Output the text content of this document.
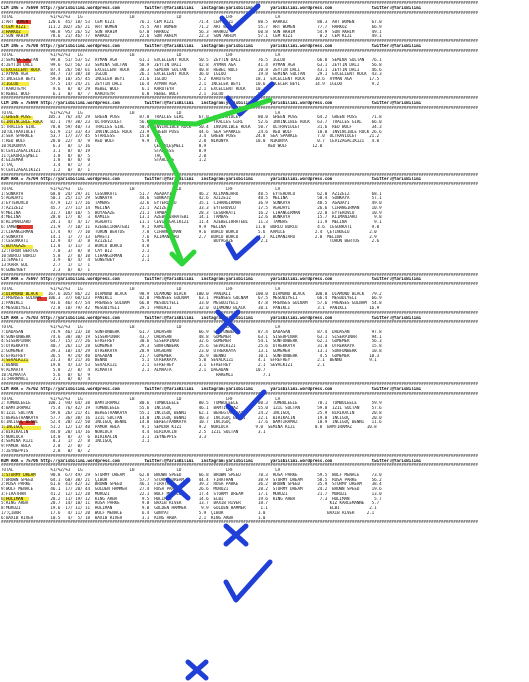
#################################################################################################################################################################################################
CIM ING = 75699 http://yarisbilimi.wordpress.com          twitter:@YarisBilimi   instagram:yarisbilimi       yarisbilimi.wordpress.com                twitter:@YarisBilimi
#################################################################################################################################################################################################
TOTAL               %1/%2/%3   LG                   LB                 LD                  LRF                 LA
1:ART WOMEN        120.6  45/ 18/ 53  CEM KIZI          76.1  CEM KIZI          71.4  CEM KIZI          80.5  HARKOZ            88.3  ART WOMEN       67.0
4:CEM KIZI         111.2 102/ 26/ 21  ART WOMEN         75.5  ART WOMEN         71.2  ART WOMEN         55.7  ART WOMEN         77.7  HARKOZ          66.9
3:HARKOZ            98.8  95/ 26/ 52  SON AKHIM         67.0  HARKOZ            56.3  HARKOZ            60.8  SON AKHIM         54.9  SON AKHIM       49.1
2:SON AKHIM         78.6  21/ 46/ 77  HARKOZ            22.6  SON AKHIM         22.3  SON AKHIM         57.1  CEM KIZI           0.2  CEM KIZI        49.1
#################################################################################################################################################################################################
CIM ING = 75700 http://yarisbilimi.wordpress.com          twitter:@YarisBilimi   instagram:yarisbilimi       yarisbilimi.wordpress.com                twitter:@YarisBilimi
#################################################################################################################################################################################################
TOTAL               %1/%2/%3   LG                   LB                 LD                  LRF                 LA
2:SEMINA SULTAN     99.8  51/ 53/ 52  AYMAN AGA         61.1  EXCELLENT ROCK    50.5  ZEYTIN DALI       76.5  IGLOO             66.8  SEMINA SULTAN   76.1
4:ZEYTIN DALI       99.6  62/ 56/ 33  SEMINA SULTAN     58.9  ZEYTIN DALI       42.8  AYMAN AGA         41.4  AYMAN AGA         63.1  ZEYTIN DALI     56.8
6:EXCELLENT ROCK    87.4  26/ 50/ 61  EXCELLENT ROCK    38.3  SEMINA SULTAN     40.8  REBEL WOLF        20.8  ZEYTIN DALI       43.1  ZEYTIN DALI     46.6
1:AYMAN AGA         84.7  73/ 38/ 18  IGLOO             26.1  EXCELLENT ROCK    36.0  IGLOO             19.8  SEMINA SULTAN     29.1  EXCELLENT ROCK  43.3
5:INCELER BEYI      59.0  10/ 35/ 45  INCELER BEYI      21.6  IGLOO             5.2  KAROTEYR          18.1  EXCELLENT ROCK    10.6  AYMAN AGA       17.5
3:IGLOO             57.5  14/ 24/ 21  ZEYTIN DALI       16.4  AYMAN AGA         2.1  INCELER BEYI      10.6  INCELER BEYI      14.9  IGLOO            9.2
7:KAROTEYR           9.6   0/  0/ 29  REBEL WOLF         6.1  KAROTEYR          2.1  EXCELLENT ROCK    10.2
8:REBEL WOLF         6.1   0/  0/  7  KAROTEYR           6.0  REBEL WOLF        2.1  IGLOO              8.1
#################################################################################################################################################################################################
CIM ING = 75699 http://yarisbilimi.wordpress.com          twitter:@YarisBilimi   instagram:yarisbilimi       yarisbilimi.wordpress.com                twitter:@YarisBilimi
#################################################################################################################################################################################################
TOTAL               %1/%2/%3   LG                   LB                 LD                  LRF                 LA
2:GREEN PUSS       105.3  76/ 34/ 29  GREEN PUSS        87.0  TRALLES GIRL      67.0  ULTRAVIOLET       80.0  GREEN PUSS        64.2  GREEN PUSS      71.8
6:INVINCIBLE ROCK   82.1  79/ 30/ 23  ULTRAVIOLET       56.6  SEA SPARKLE       65.9  TRALLES GIRL      52.6  INVINCIBLE ROCK   63.7  TRALLES GIRL    66.0
5:TRALLES GIRL      78.8  59/ 40/ 73  TRALLES GIRL      50.4  INVINCIBLE ROCK   50.4  INVINCIBLE ROCK   50.7  ULTRAVIOLET       31.6  RED WOLF        34.3
10:ULTRAVIOLET      61.9  21/ 33/ 43  INVINCIBLE ROCK   23.9  GREEN PUSS        44.6  SEA SPARKLE       24.6  RED WOLF          10.0  INVINCIBLE ROCK 26.6
3:SEA SPARKLE       53.7  17/ 37/ 45  STARLESS          15.0  TAÇ               3.4  GREEN PUSS        24.8  SEA SPARKLE        7.0  ULTRAVIOLET     21.2
7:RED WOLF          28.0  22/  4/  9  RED WOLF           9.9  TAÇ               2.8  NIKONYA           18.0  NIKONYA            0.7  CEVIZAGACIKIZI   4.0
10:NIKONYA           6.3   0/  1/ 16                          ÇEKURÇEŞMELI      0.9                         RED WOLF          12.0
8:CEVIZAGACIKIZI     3.1   0/  0/ 19                          STARLESS          0.9
11:ÇEKURÇEŞMELI      1.8   0/  0/  5                          TAÇ               2.0
4:GIZEMAR            1.8   0/  0/  0                          STARLESS          1.2
1:TAÇ                1.4   0/  1/  3
9:CEVIZAGACIKIZI     1.2   0/  0/  1
#################################################################################################################################################################################################
KUM ARA = 75704 http://yarisbilimi.wordpress.com          twitter:@YarisBilimi   instagram:yarisbilimi       yarisbilimi.wordpress.com                twitter:@YarisBilimi
#################################################################################################################################################################################################
TOTAL               %1/%2/%3   LG                   LB                 LD                  LRF                 LA
1:SONKAYA           68.0  24/ 29/ 31  CESURKATI         51.7  AGADAYI           46.2  KLIMANJARO        48.5  EYTEROVLU         62.0  AZIZEIZ         68.1
5:AGADAYI           50.1  25/ 11/ 29  SONKAYA           44.6  SONKAYA           42.6  AZIZEIZ           40.5  MELINA            50.4  SONKAYA         57.1
3:EYTEROVLU         47.9  12/ 17/ 16  TAMBAS            32.6  EYTEROVLU         35.1  CIHANGIRMAN       36.9  SONKAYA           48.5  AGADAYI         49.0
7:AZIZEIZ           45.7  27/ 11/ 14  MELINA            21.1  AZIZEIZ           33.3  EYTEROVLU         17.5  AGADAYI           26.6  CIHANGIRMAN     10.9
9:MELINA            31.7  18/ 10/  5  BOYAGAZE          21.1  TAMBAS            28.3  CESURKATI         16.2  CIHANGIRMAN       22.0  EYTEROVLU       10.9
4:MELINA            28.0  17/  8/  3  KAMILE            13.1  AZEBELIRHATEBI    14.1  TAMBAS            12.6  BONKAYA           15.7  KLIMANJARO       9.8
8:KLIMANJARO        24.1   4/  4/ 17  AGADAYI           11.1  CEVIZAGACIKIZI    11.4  AZEBELIRHATEBI    11.3  TAMBAS            11.9  MELINA           9.1
6:TAMBAS            21.9   7/ 10/ 11  AZEBELIRHATEBI     9.1  KAMILE            9.9  MELINA            11.0  BURCU BURCU        4.6  CESURKATI        9.0
2:CIHANGIRMAN       17.4   9/  7/ 10  TORUN BERTUS       7.8  CIHANGIRMAN       9.6  BURCU BURCU        5.6  KAMILE            2.4  ÇETINOGLU        2.0
3:SONKAYA           14.1   1/  7/ 13  EMAETI             7.6  KLIMANJARO        2.7  BURCU BURCU        4.2  KLIMANJARO        2.0  MELINA           2.9
7:CESURKATI         12.9   4/  3/  8  AZIZEIZ            5.9                          BOYAGAZE           2.1                         TORUN BERTUS     2.6
5:BOYAGAZE          11.8   1/ 11/  3  BURCU BURCU        4.8
12:TORUN BERTUS      7.0   3/  8/  8  CAY BIZ            2.1
10:BURCU BURCU       5.8   2/  0/ 10  CIHANGIRMAN        2.1
11:EMAETI            3.9   0/  4/  4  GÜNEYBEY           2.1
13:KARA GUL          2.7   1/  1/  1
9:GÜNEYBEY           2.3   0/  0/  1
#################################################################################################################################################################################################
CIM ARA = 75697 http://yarisbilimi.wordpress.com          twitter:@YarisBilimi   instagram:yarisbilimi       yarisbilimi.wordpress.com                twitter:@YarisBilimi
#################################################################################################################################################################################################
TOTAL               %1/%2/%3   LG                   LB                 LD                  LRF                 LA
3:DIAMOND BLACK    167.6 105/ 86/ 22  DIAMOND BLACK     98.9  DIAMOND BLACK    100.0  PANIKLI          100.0  DIAMOND BLACK    100.0  DIAMOND BLACK   79.2
2:PRENSES GÜLNAM   106.3  37/ 60/123  PANIKLI           82.0  PRENSES GÜLNAM    63.1  PRENSES GÜLNAM    67.5  MESUDIYELI        66.4  MESUDIYELI      66.9
1:PANIKLI           93.6  46/ 47/ 54  PRENSES GÜLNAM    66.8  MESUDIYELI        33.0  MESUDIYELI        47.8  PRENSES GÜLNAM    57.6  PRENSES GÜLNAM  54.8
4:MESUDIYELI        72.8  10/ 79/ 42  MESUDIYELI        29.1  PANIKLI           32.0  DIAMOND BLACK     30.1  PANIKLI           3.1  PANIKLI         16.9
#################################################################################################################################################################################################
CIM ARA = 75703 http://yarisbilimi.wordpress.com          twitter:@YarisBilimi   instagram:yarisbilimi       yarisbilimi.wordpress.com                twitter:@YarisBilimi
#################################################################################################################################################################################################
TOTAL               %1/%2/%3   LG                   LB                 LD                  LRF                 LA
7:DADASAN           74.9  46/ 23/ 18  SUNFUNBERK        61.7  DADASAN           66.9  SUNFUNBERK        87.4  DADASAN           87.4  DADASAN         97.8
8:SUNFUNBERK        74.6  38/ 30/ 19  SISERPINAR        43.7  DADASAN           48.8  GÖMEMER           63.1  SISERPINAR        63.1  SISERPINAR      94.1
4:SISERPINAR        64.7  15/ 27/ 26  EFREFREY          30.6  SISERPINAR        32.6  GÖMEMER           54.1  SUNFUNBERK        62.1  GÖMEMER         56.3
5:UTREKKAYA         40.7  26/ 11/ 28  GÖMEMER           29.3  SUNFUNBERK        25.6  SEVALKIZI         25.6  UTREKKAYA         31.0  UTREKKAYA       15.8
2:GÖMEMER           39.3  10/ 14/ 29  UTREKKAYA         28.9  DAGADAN           23.0  UTREKKAYA         13.1  GÖMEMER           13.1  SUNFUNBERK      10.8
6:EFREFREY          36.5   9/ 24/ 40  DAGADAN           21.7  GÖMEMER           16.9  BENNU             10.1  SUNFUNBERK         4.5  GÖMEMER        10.3
3:SEVALKIZI         23.3   8/ 21/ 36  BENNU              5.1  UTREKKAYA         5.0  SEVALKIZI          4.1  EFREFREY           2.1  BENNU           9.1
1:BENNU             19.8   4/ 13/ 53  SEVALKIZI          2.1  EFREFREY          3.1  EFREFREY           2.1  SEVALKIZI          2.1
9:ALMAATA            5.8   2/  0/  4  ALMAATA            2.1  ALMAATA           2.1  DAGADAN           10.7
10:ALMAATA           5.6   0/  6/  9                                                   HAREMLI            7.1
11:HARKMALI          2.1   0/  0/  4
#################################################################################################################################################################################################
CIM ARA = 75702 http://yarisbilimi.wordpress.com          twitter:@YarisBilimi   instagram:yarisbilimi       yarisbilimi.wordpress.com                twitter:@YarisBilimi
#################################################################################################################################################################################################
TOTAL               %1/%2/%3   LG                   LB                 LD                  LRF                 LA
2:TUMBULEELE       100.1  94/ 64/ 38  BAMTIRAMAZ        80.6  TUMBULEELE        80.5  TUMBULEELE        80.3  TUMBULEELE        70.1  TUMBULEELE      59.9
4:BAMTIRAMAZ        75.4  76/ 42/ 19  TUMBULEELE        55.6  INCIGÖÇ           46.1  BAMTIRAMAZ        55.0  IZIL SULTAN       59.0  IZIL SULTAN     57.6
8:IZIL SULTAN       59.8  26/ 21/ 41  BEREGTAANKAYA     55.1  INCIGÖÇ BENNI     62.1  BEREGTAANKAYA     24.2  INCIGÖÇ           25.9  BIRIKACIN       20.8
5:BEREGTAANKAYA     57.7  36/ 38/ 16  IZIL SULTAN       14.0  INCIGÖÇ BENNI     40.3  INCIGÖÇ BENNI     22.1  BIRIKACIN         19.0  INCIGÖÇ         20.0
6:INCIGÖÇ BENNI     52.4  20/ 22/ 50  INCIGÖÇ BENNI     14.0  BEREGTAANKAYA     10.7  INCIGÖÇ           17.6  BAMTIRAMAZ        10.9  INCIGÖÇ BENNI   11.6
1:INCIGÖÇ           51.2  12/ 13/ 40  PAMUR ABLA         9.1  SEMINA KIZI       9.2  NURLUCA           9.0  SEMINA KIZI        0.8  BAMTIRAMAZ      10.8
3:BIRIKACIN         44.0  20/ 14/ 16  NURLUCA            4.4  BIRIKACIN         2.5  IZIL SULTAN        3.1
5:NURLUCA           14.0   8/  3/  6  BIRIKACIN          3.1  ZEYNEPPIS         3.3
4:SEMINA KIZI        8.3   1/  2/  8  INCIGÖÇ            2.1
9:PAMUR ABLA         2.8   2/  0/  2
7:ZEYNEPPIS          2.8   0/  0/  2
#################################################################################################################################################################################################
KUM ARA = 75706 http://yarisbilimi.wordpress.com          twitter:@YarisBilimi   instagram:yarisbilimi       yarisbilimi.wordpress.com                twitter:@YarisBilimi
#################################################################################################################################################################################################
TOTAL               %1/%2/%3   LG                   LB                 LD                  LRF                 LA
1:STORMY DREAM      90.8  67/ 49/ 29  STORMY DREAM      62.8  BROWN SPEED       66.8  BROWN SPEED       70.3  ROSA PARKE        59.5  WOLF MENACE     73.0
7:BROWN SPEED       64.1  60/ 30/ 21  ÇIBOR             57.7  STORMY DREAM      44.4  FIRATHAN          38.9  STORMY DREAM      58.5  ROSA PARKE      56.2
2:ROSA PARKE        61.6  41/ 42/ 32  BROWN SPEED       46.1  FIRATHAN          39.2  ROSA PARKE        36.2  BROWN SPEED       35.9  STORMY DREAM    38.4
9:WOLF MENACE       46.1  17/ 20/ 44  GOLDEN HAMMER     27.4  ROSA PARKE        26.6  MURUZI            20.2  STORMY DREAM      24.2  BROWN SPEED     19.6
3:FIRATHAN          41.2  12/ 12/ 28  MURUZI            22.1  WOLF MENACE       17.4  STORMY DREAM      17.1  MURUZI            21.7  MURUZI          13.0
6:HOLIMAN           28.2  11/ 19/ 12  KING ARBA          9.5  HOLIMAN           14.6  ELBI              19.6  KING ARBA          7.3  HOLIMAN          5.7
5:KING ARBA         20.7  14/ 10/ 11  ROSA PARKE         9.0  BAXIB RIVER       13.7  BAXIB RIVER       18.7                         KIZ KARLEMANNE   5.7
8:MURUZI            19.6  17/ 11/ 11  HOLIMAN            9.0  GOLDEN HAMMER      9.9  GOLDEN HAMMER      1.1                         ELBI            2.1
17:ÇIBOR            17.6   4/ 11/ 20  WOLF MENACE        6.4  GÜNYAT            5.9  ÇIBOR              1.0                         BAXIB RIVER     2.1
6:BAXIB RIVER       10.5   4/  5/ 18  BAXIB RIVER        3.1  KING ARBA         2.1  KING ARBA          1.0
#################################################################################################################################################################################################
